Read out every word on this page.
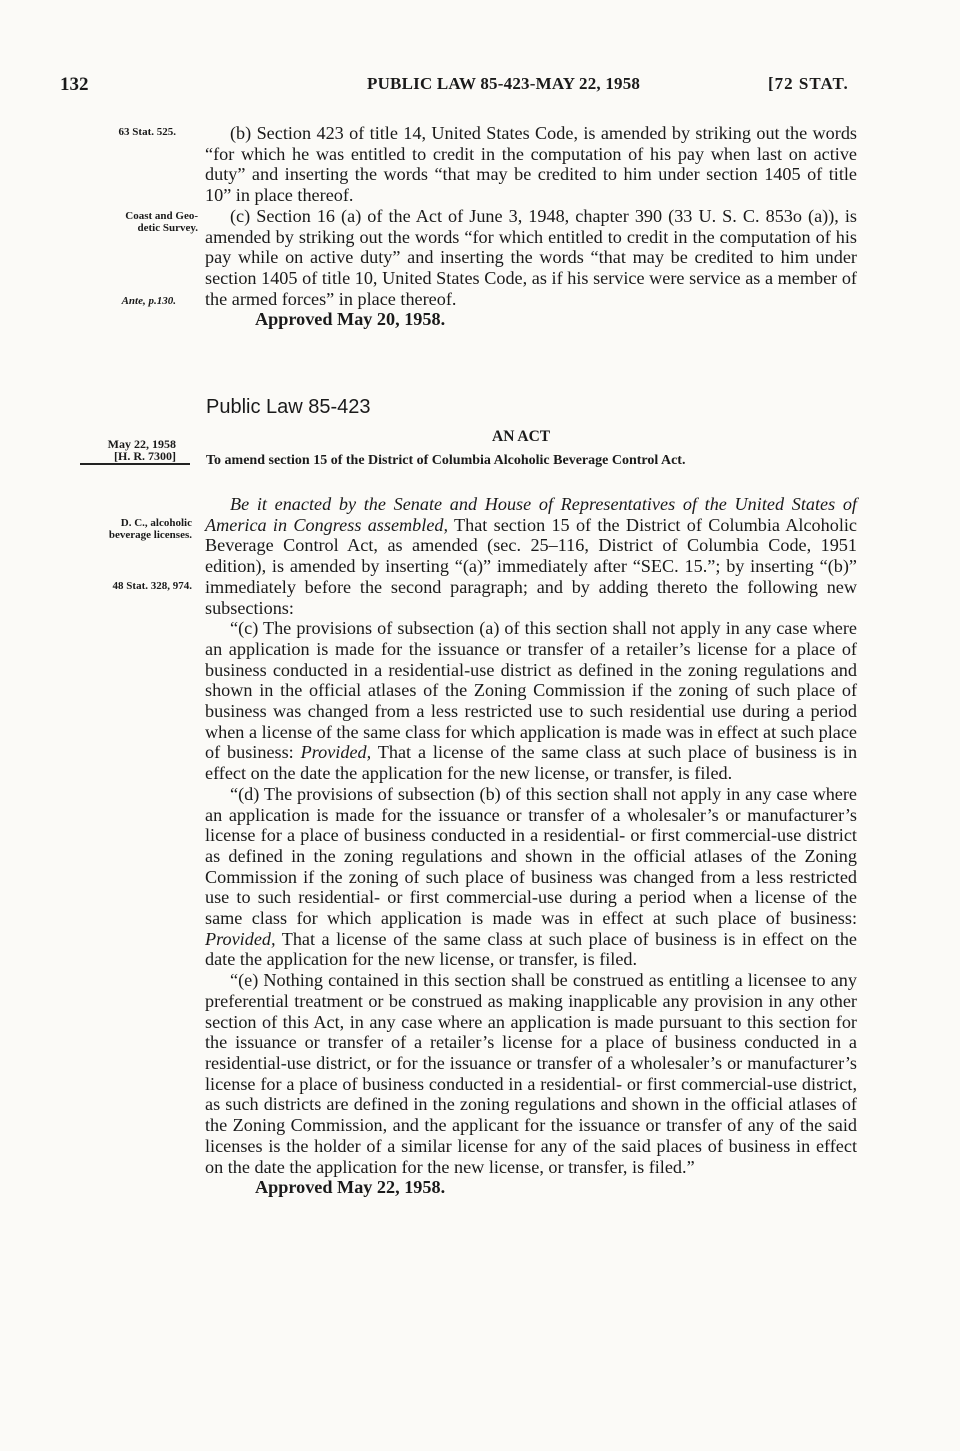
132	PUBLIC LAW 85-423-MAY 22, 1958	[72 STAT.
63 Stat. 525.
Coast and Geo-
detic Survey.
Ante, p.130.
May 22, 1958
[H. R. 7300]
D. C., alcoholic
beverage licenses.
48 Stat. 328, 974.

(b) Section 423 of title 14, United States Code, is amended by striking out the words “for which he was entitled to credit in the computation of his pay when last on active duty” and inserting the words “that may be credited to him under section 1405 of title 10” in place thereof.

(c) Section 16 (a) of the Act of June 3, 1948, chapter 390 (33 U. S. C. 853o (a)), is amended by striking out the words “for which entitled to credit in the computation of his pay while on active duty” and inserting the words “that may be credited to him under section 1405 of title 10, United States Code, as if his service were service as a member of the armed forces” in place thereof.

Approved May 20, 1958.

Public Law 85-423
AN ACT
To amend section 15 of the District of Columbia Alcoholic Beverage Control Act.

Be it enacted by the Senate and House of Representatives of the United States of America in Congress assembled, That section 15 of the District of Columbia Alcoholic Beverage Control Act, as amended (sec. 25–116, District of Columbia Code, 1951 edition), is amended by inserting “(a)” immediately after “SEC. 15.”; by inserting “(b)” immediately before the second paragraph; and by adding thereto the following new subsections:

“(c) The provisions of subsection (a) of this section shall not apply in any case where an application is made for the issuance or transfer of a retailer’s license for a place of business conducted in a residential-use district as defined in the zoning regulations and shown in the official atlases of the Zoning Commission if the zoning of such place of business was changed from a less restricted use to such residential use during a period when a license of the same class for which application is made was in effect at such place of business: Provided, That a license of the same class at such place of business is in effect on the date the application for the new license, or transfer, is filed.

“(d) The provisions of subsection (b) of this section shall not apply in any case where an application is made for the issuance or transfer of a wholesaler’s or manufacturer’s license for a place of business conducted in a residential- or first commercial-use district as defined in the zoning regulations and shown in the official atlases of the Zoning Commission if the zoning of such place of business was changed from a less restricted use to such residential- or first commercial-use during a period when a license of the same class for which application is made was in effect at such place of business: Provided, That a license of the same class at such place of business is in effect on the date the application for the new license, or transfer, is filed.

“(e) Nothing contained in this section shall be construed as entitling a licensee to any preferential treatment or be construed as making inapplicable any provision in any other section of this Act, in any case where an application is made pursuant to this section for the issuance or transfer of a retailer’s license for a place of business conducted in a residential-use district, or for the issuance or transfer of a wholesaler’s or manufacturer’s license for a place of business conducted in a residential- or first commercial-use district, as such districts are defined in the zoning regulations and shown in the official atlases of the Zoning Commission, and the applicant for the issuance or transfer of any of the said licenses is the holder of a similar license for any of the said places of business in effect on the date the application for the new license, or transfer, is filed.”

Approved May 22, 1958.
